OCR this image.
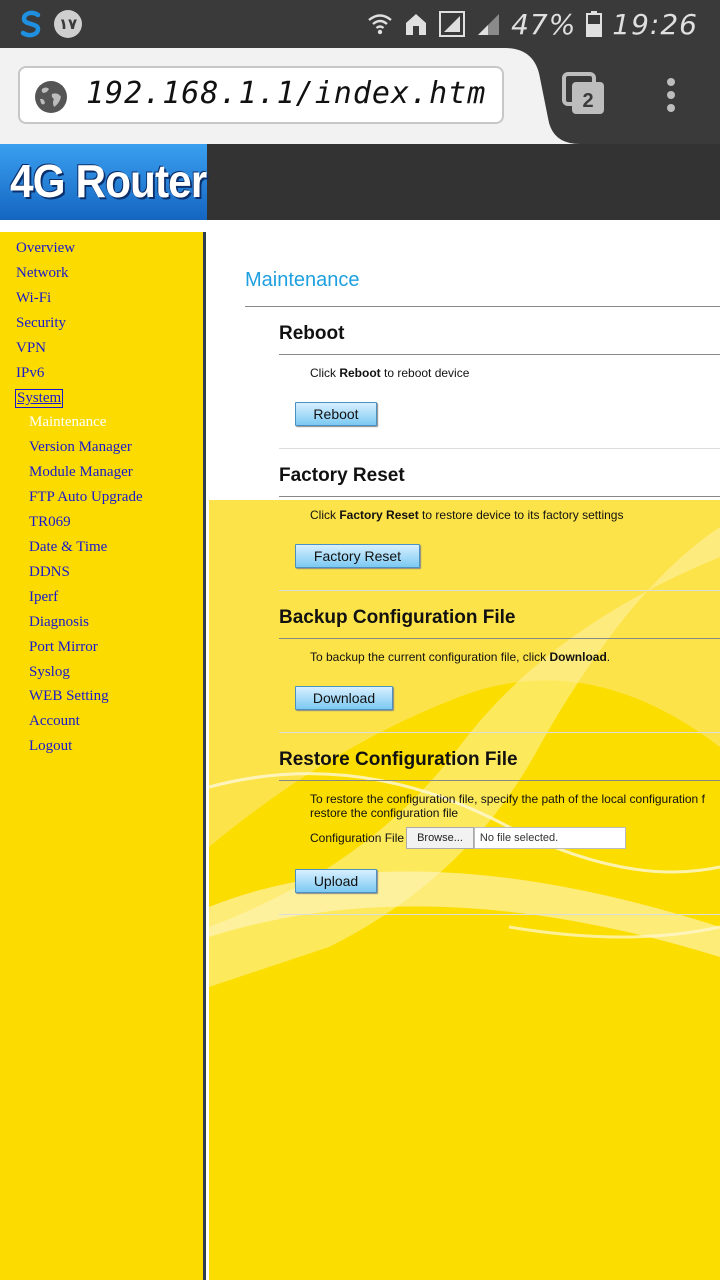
۱۷	47% 19:26
192.168.1.1/index.htm	2
4G Router
Overview
Network
Wi-Fi
Security
VPN
IPv6
System
Maintenance
Version Manager
Module Manager
FTP Auto Upgrade
TR069
Date & Time
DDNS
Iperf
Diagnosis
Port Mirror
Syslog
WEB Setting
Account
Logout
Maintenance
Reboot
Click Reboot to reboot device
Reboot
Factory Reset
Click Factory Reset to restore device to its factory settings
Factory Reset
Backup Configuration File
To backup the current configuration file, click Download.
Download
Restore Configuration File
To restore the configuration file, specify the path of the local configuration f
restore the configuration file
Configuration File	Browse...	No file selected.
Upload
